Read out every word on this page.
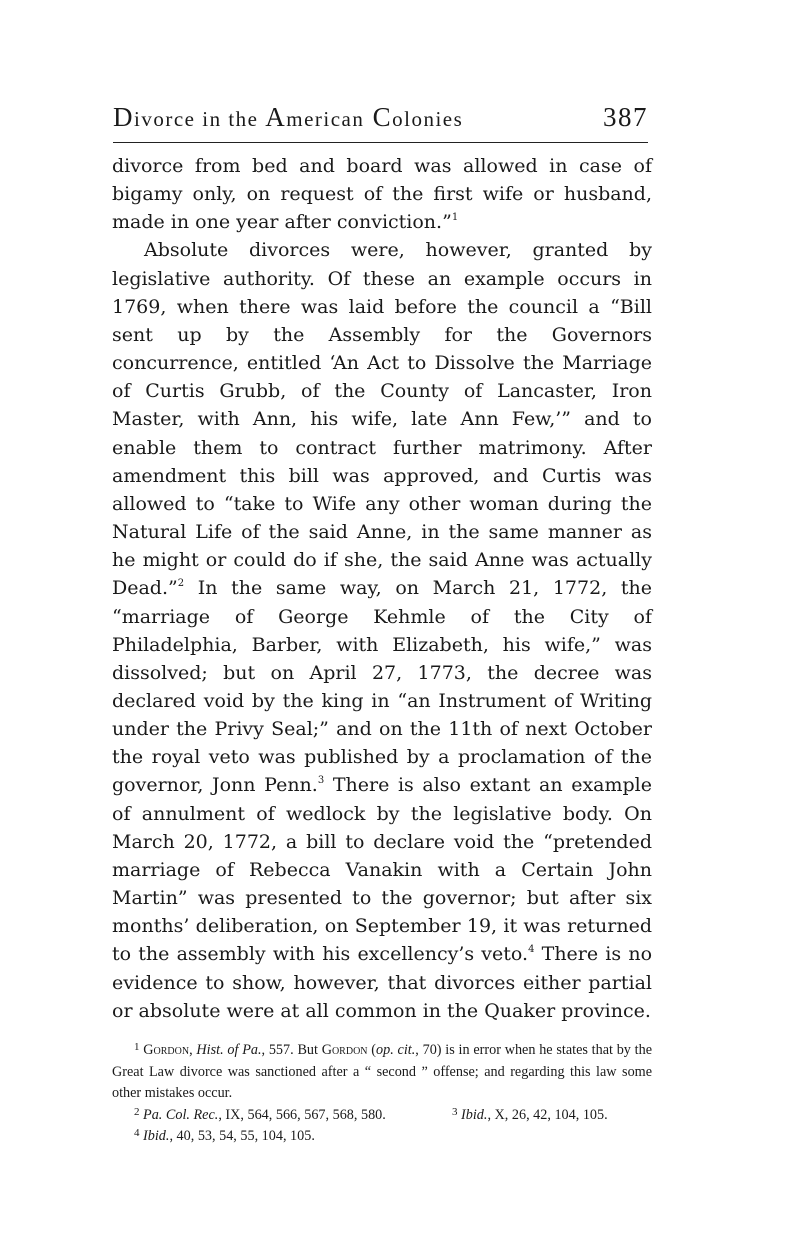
Divorce in the American Colonies	387

divorce from bed and board was allowed in case of bigamy only, on request of the first wife or husband, made in one year after conviction.”$^1$

Absolute divorces were, however, granted by legislative authority. Of these an example occurs in 1769, when there was laid before the council a “Bill sent up by the Assembly for the Governors concurrence, entitled ‘An Act to Dissolve the Marriage of Curtis Grubb, of the County of Lancaster, Iron Master, with Ann, his wife, late Ann Few,’” and to enable them to contract further matrimony. After amendment this bill was approved, and Curtis was allowed to “take to Wife any other woman during the Natural Life of the said Anne, in the same manner as he might or could do if she, the said Anne was actually Dead.”$^2$ In the same way, on March 21, 1772, the “marriage of George Kehmle of the City of Philadelphia, Barber, with Elizabeth, his wife,” was dissolved; but on April 27, 1773, the decree was declared void by the king in “an Instrument of Writing under the Privy Seal;” and on the 11th of next October the royal veto was published by a proclamation of the governor, Jonn Penn.$^3$ There is also extant an example of annulment of wedlock by the legislative body. On March 20, 1772, a bill to declare void the “pretended marriage of Rebecca Vanakin with a Certain John Martin” was presented to the governor; but after six months’ deliberation, on September 19, it was returned to the assembly with his excellency’s veto.$^4$ There is no evidence to show, however, that divorces either partial or absolute were at all common in the Quaker province.

$^1$ Gordon, Hist. of Pa., 557. But Gordon (op. cit., 70) is in error when he states that by the Great Law divorce was sanctioned after a “ second ” offense; and regarding this law some other mistakes occur.

$^2$ Pa. Col. Rec., IX, 564, 566, 567, 568, 580.	$^3$ Ibid., X, 26, 42, 104, 105.

$^4$ Ibid., 40, 53, 54, 55, 104, 105.
